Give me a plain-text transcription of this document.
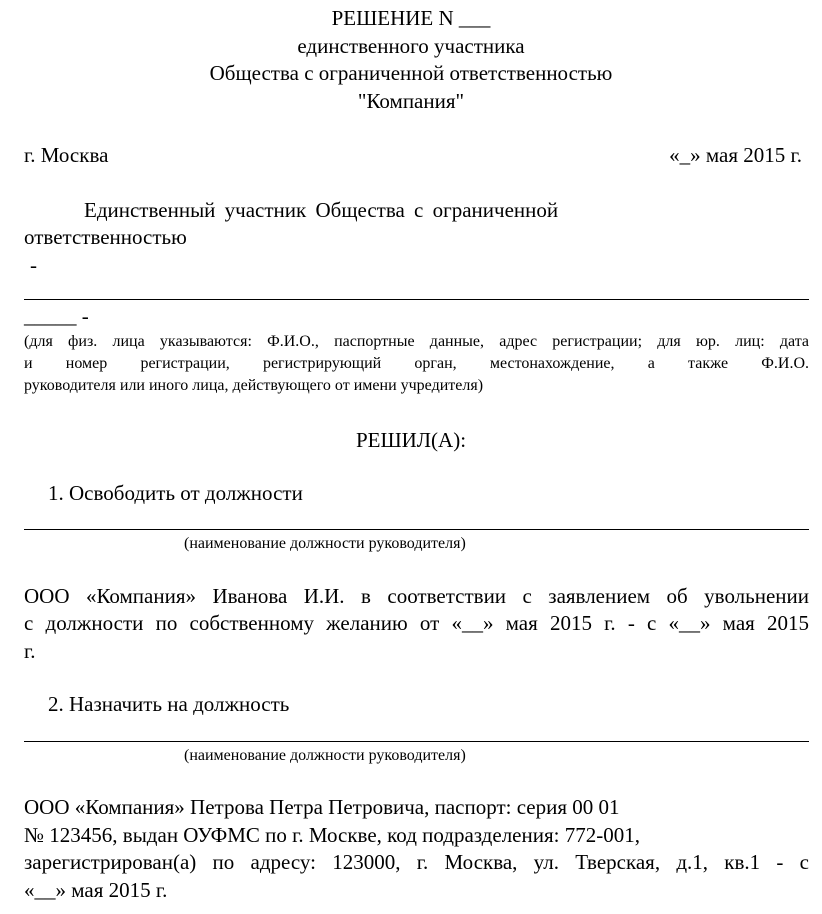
РЕШЕНИЕ N ___
единственного участника
Общества с ограниченной ответственностью
"Компания"
г. Москва	«_» мая 2015 г.
Единственный участник Общества с ограниченной
ответственностью
-
_____ -
(для физ. лица указываются: Ф.И.О., паспортные данные, адрес регистрации; для юр. лиц: дата
и номер регистрации, регистрирующий орган, местонахождение, а также Ф.И.О.
руководителя или иного лица, действующего от имени учредителя)
РЕШИЛ(А):
1. Освободить от должности
(наименование должности руководителя)
ООО «Компания» Иванова И.И. в соответствии с заявлением об увольнении
с должности по собственному желанию от «__» мая 2015 г. - с «__» мая 2015
г.
2. Назначить на должность
(наименование должности руководителя)
ООО «Компания» Петрова Петра Петровича, паспорт: серия 00 01
№ 123456, выдан ОУФМС по г. Москве, код подразделения: 772-001,
зарегистрирован(а) по адресу: 123000, г. Москва, ул. Тверская, д.1, кв.1 - с
«__» мая 2015 г.
